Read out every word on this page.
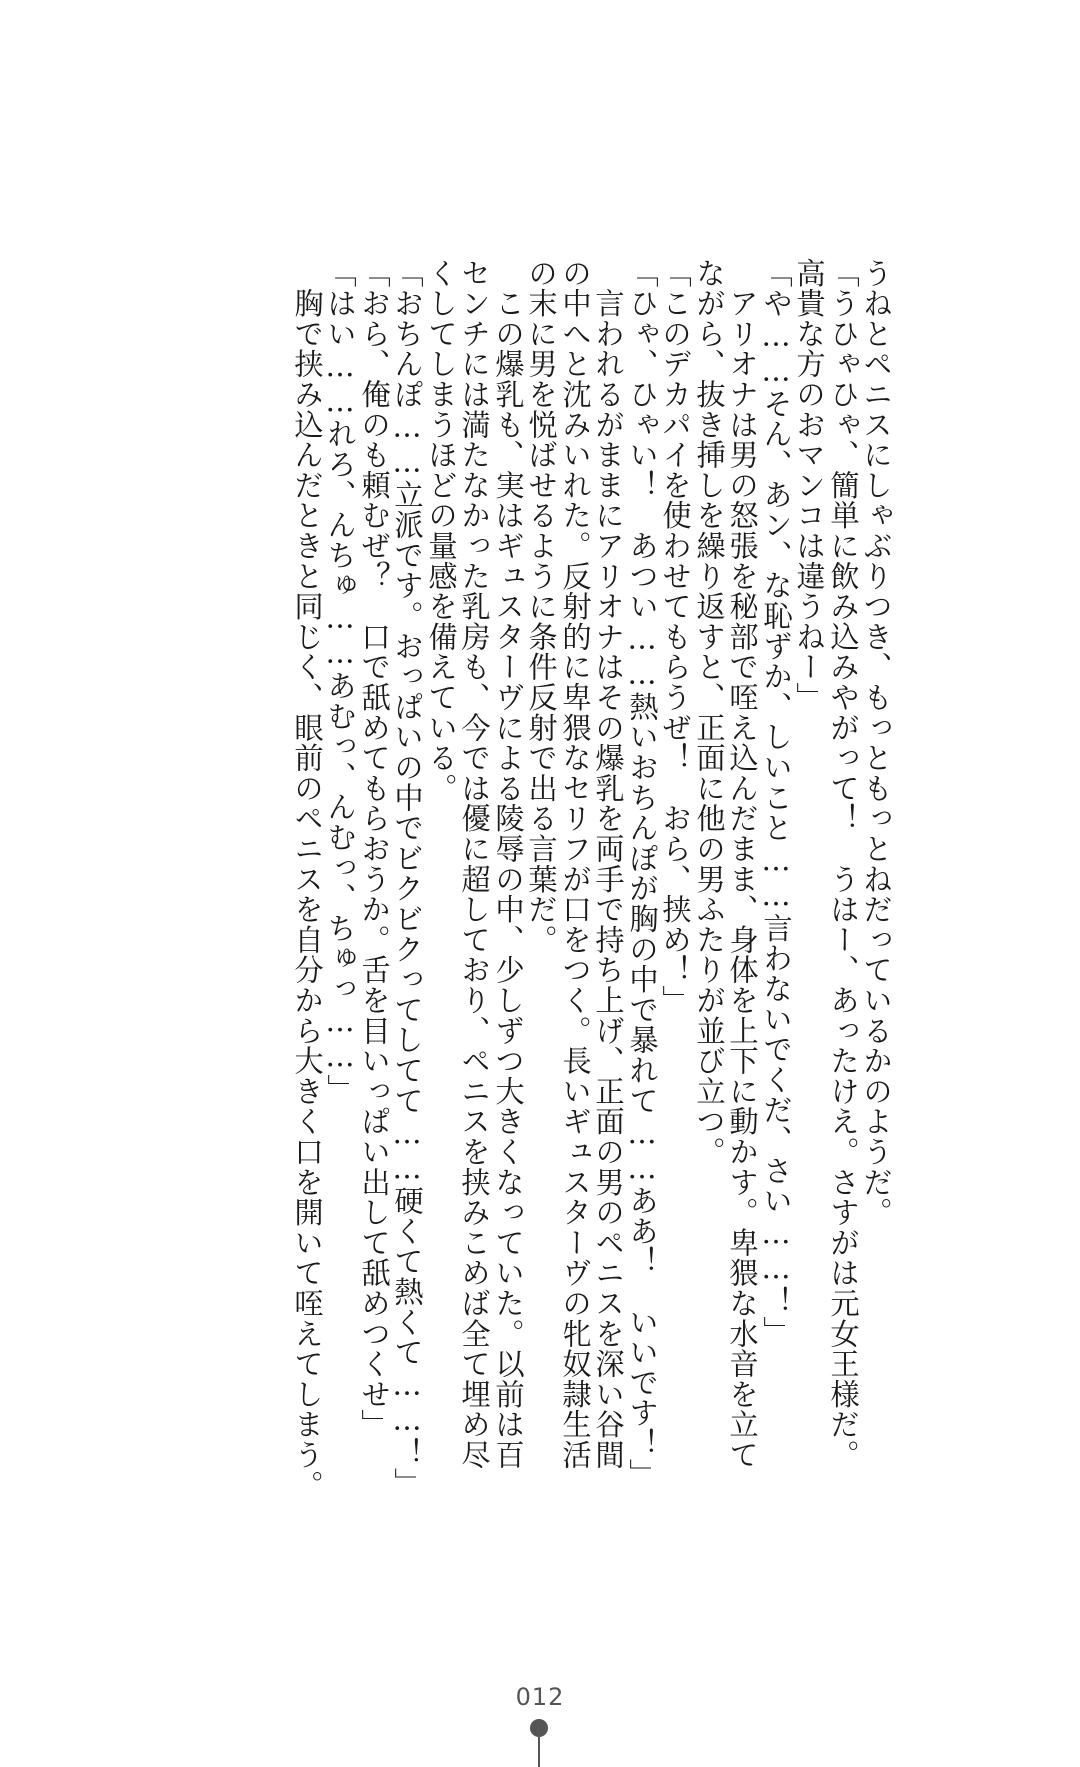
うねとペニスにしゃぶりつき、もっともっとねだっているかのようだ。

「うひゃひゃ、簡単に飲み込みやがって！　うはー、あったけえ。さすがは元女王様だ。

高貴な方のおマンコは違うねー」

「や……そん、あン、な恥ずか、しいこと……言わないでくだ、さい……！」

　アリオナは男の怒張を秘部で咥え込んだまま、身体を上下に動かす。卑猥な水音を立て

ながら、抜き挿しを繰り返すと、正面に他の男ふたりが並び立つ。

「このデカパイを使わせてもらうぜ！　おら、挟め！」

「ひゃ、ひゃい！　あつい……熱いおちんぽが胸の中で暴れて……ああ！　いいです！」

　言われるがままにアリオナはその爆乳を両手で持ち上げ、正面の男のペニスを深い谷間

の中へと沈みいれた。反射的に卑猥なセリフが口をつく。長いギュスターヴの牝奴隷生活

の末に男を悦ばせるように条件反射で出る言葉だ。

　この爆乳も、実はギュスターヴによる陵辱の中、少しずつ大きくなっていた。以前は百

センチには満たなかった乳房も、今では優に超しており、ペニスを挟みこめば全て埋め尽

くしてしまうほどの量感を備えている。

「おちんぽ……立派です。おっぱいの中でビクビクってしてて……硬くて熱くて……！」

「おら、俺のも頼むぜ？　口で舐めてもらおうか。舌を目いっぱい出して舐めつくせ」

「はい……れろ、んちゅ……あむっ、んむっ、ちゅっ……」

　胸で挟み込んだときと同じく、眼前のペニスを自分から大きく口を開いて咥えてしまう。

012
